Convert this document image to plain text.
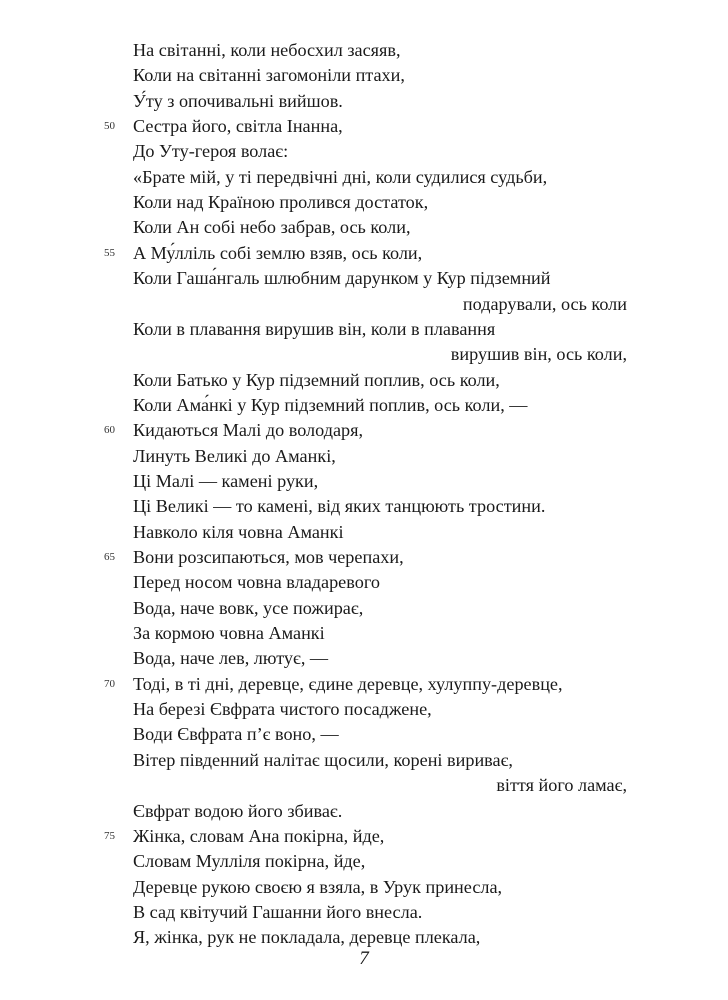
На світанні, коли небосхил засяяв,
Коли на світанні загомоніли птахи,
У́ту з опочивальні вийшов.
Сестра його, світла Інанна,
50
До Уту-героя волає:
«Брате мій, у ті передвічні дні, коли судилися судьби,
Коли над Країною пролився достаток,
Коли Ан собі небо забрав, ось коли,
А Му́лліль собі землю взяв, ось коли,
55
Коли Гаша́нгаль шлюбним дарунком у Кур підземний
подарували, ось коли
Коли в плавання вирушив він, коли в плавання
вирушив він, ось коли,
Коли Батько у Кур підземний поплив, ось коли,
Коли Ама́нкі у Кур підземний поплив, ось коли, —
Кидаються Малі до володаря,
60
Линуть Великі до Аманкі,
Ці Малі — камені руки,
Ці Великі — то камені, від яких танцюють тростини.
Навколо кіля човна Аманкі
Вони розсипаються, мов черепахи,
65
Перед носом човна владаревого
Вода, наче вовк, усе пожирає,
За кормою човна Аманкі
Вода, наче лев, лютує, —
Тоді, в ті дні, деревце, єдине деревце, хулуппу-деревце,
70
На березі Євфрата чистого посаджене,
Води Євфрата п’є воно, —
Вітер південний налітає щосили, корені вириває,
віття його ламає,
Євфрат водою його збиває.
Жінка, словам Ана покірна, йде,
75
Словам Мулліля покірна, йде,
Деревце рукою своєю я взяла, в Урук принесла,
В сад квітучий Гашанни його внесла.
Я, жінка, рук не покладала, деревце плекала,
7
